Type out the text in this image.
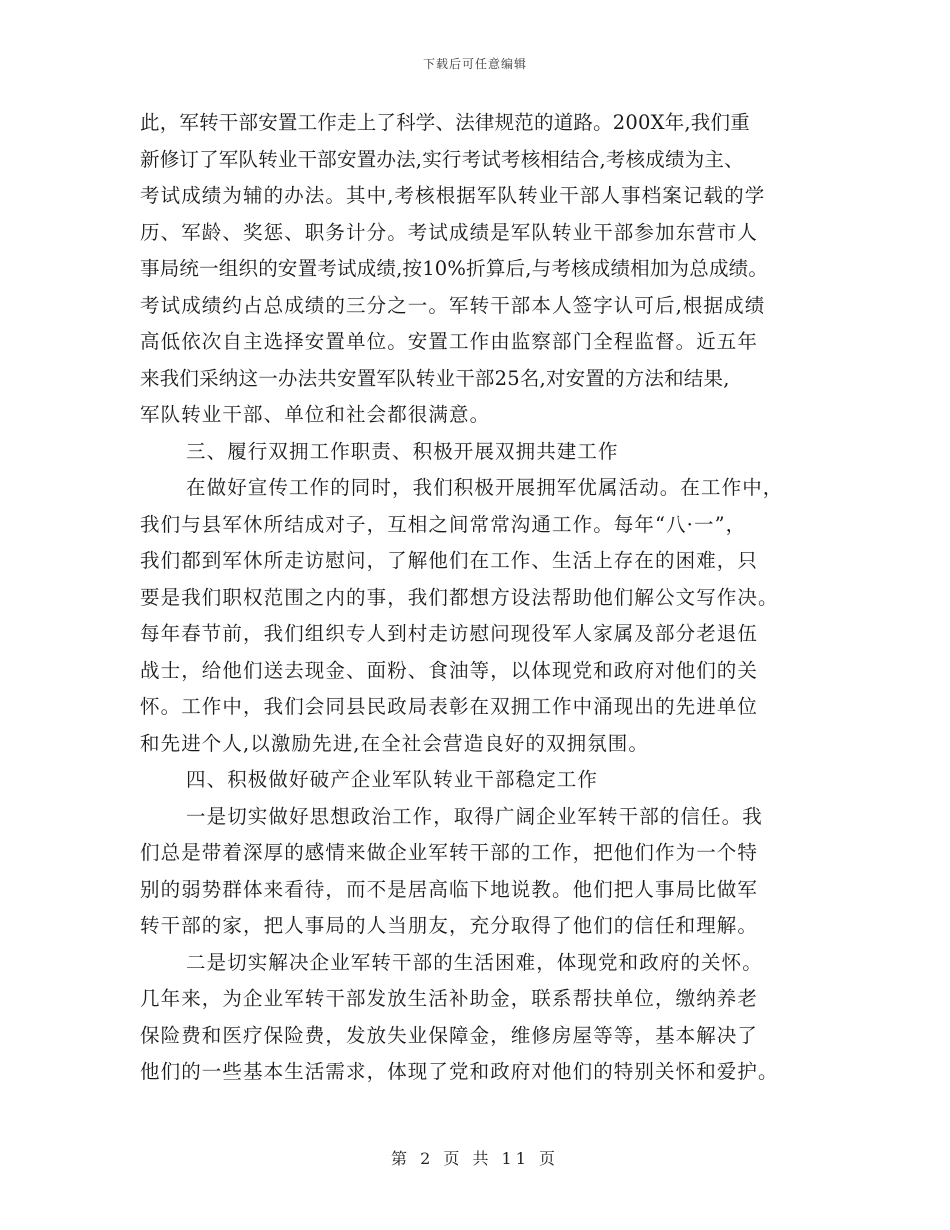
下载后可任意编辑
此，军转干部安置工作走上了科学、法律规范的道路。200X年,我们重
新修订了军队转业干部安置办法,实行考试考核相结合,考核成绩为主、
考试成绩为辅的办法。其中,考核根据军队转业干部人事档案记载的学
历、军龄、奖惩、职务计分。考试成绩是军队转业干部参加东营市人
事局统一组织的安置考试成绩,按10%折算后,与考核成绩相加为总成绩。
考试成绩约占总成绩的三分之一。军转干部本人签字认可后,根据成绩
高低依次自主选择安置单位。安置工作由监察部门全程监督。近五年
来我们采纳这一办法共安置军队转业干部25名,对安置的方法和结果,
军队转业干部、单位和社会都很满意。
三、履行双拥工作职责、积极开展双拥共建工作
在做好宣传工作的同时，我们积极开展拥军优属活动。在工作中，
我们与县军休所结成对子，互相之间常常沟通工作。每年“八·一”，
我们都到军休所走访慰问，了解他们在工作、生活上存在的困难，只
要是我们职权范围之内的事，我们都想方设法帮助他们解公文写作决。
每年春节前，我们组织专人到村走访慰问现役军人家属及部分老退伍
战士，给他们送去现金、面粉、食油等，以体现党和政府对他们的关
怀。工作中，我们会同县民政局表彰在双拥工作中涌现出的先进单位
和先进个人,以激励先进,在全社会营造良好的双拥氛围。
四、积极做好破产企业军队转业干部稳定工作
一是切实做好思想政治工作，取得广阔企业军转干部的信任。我
们总是带着深厚的感情来做企业军转干部的工作，把他们作为一个特
别的弱势群体来看待，而不是居高临下地说教。他们把人事局比做军
转干部的家，把人事局的人当朋友，充分取得了他们的信任和理解。
二是切实解决企业军转干部的生活困难，体现党和政府的关怀。
几年来，为企业军转干部发放生活补助金，联系帮扶单位，缴纳养老
保险费和医疗保险费，发放失业保障金，维修房屋等等，基本解决了
他们的一些基本生活需求，体现了党和政府对他们的特别关怀和爱护。
第 2 页 共 11 页
